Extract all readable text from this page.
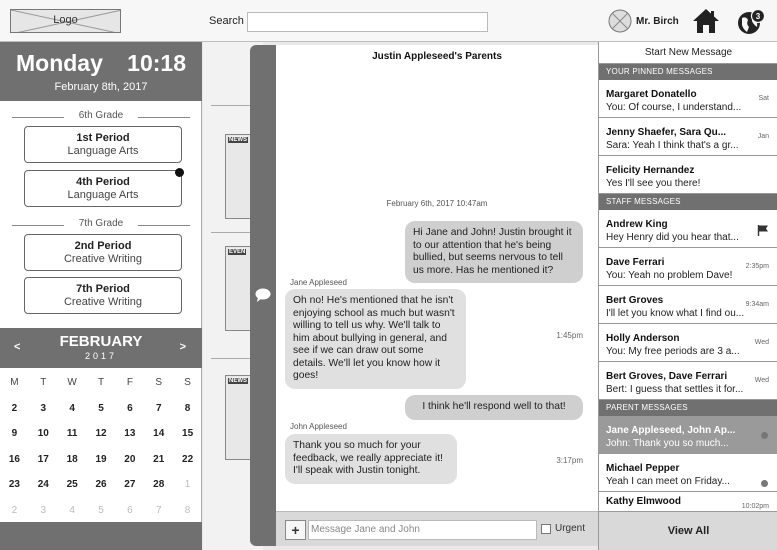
Logo	Search	Mr. Birch	3
Monday 10:18
February 8th, 2017
6th Grade
1st Period
Language Arts
4th Period
Language Arts
7th Grade
2nd Period
Creative Writing
7th Period
Creative Writing
<	FEBRUARY
2017
>
M	T	W	T	F	S	S
2	3	4	5	6	7	8
9	10	11	12	13	14	15
16	17	18	19	20	21	22
23	24	25	26	27	28	1
2	3	4	5	6	7	8
NEWS
EVEN
NEWS
Justin Appleseed's Parents
February 6th, 2017 10:47am
Hi Jane and John! Justin brought it to our attention that he's being bullied, but seems nervous to tell us more. Has he mentioned it?
Jane Appleseed
Oh no! He's mentioned that he isn't enjoying school as much but wasn't willing to tell us why. We'll talk to him about bullying in general, and see if we can draw out some details. We'll let you know how it goes!
1:45pm
I think he'll respond well to that!
John Appleseed
Thank you so much for your feedback, we really appreciate it! I'll speak with Justin tonight.
3:17pm
+	Message Jane and John	Urgent
Start New Message
YOUR PINNED MESSAGES
Margaret Donatello
You: Of course, I understand...
Sat
Jenny Shaefer, Sara Qu...
Sara: Yeah I think that's a gr...
Jan
Felicity Hernandez
Yes I'll see you there!
STAFF MESSAGES
Andrew King
Hey Henry did you hear that...
Dave Ferrari
You: Yeah no problem Dave!
2:35pm
Bert Groves
I'll let you know what I find ou...
9:34am
Holly Anderson
You: My free periods are 3 a...
Wed
Bert Groves, Dave Ferrari
Bert: I guess that settles it for...
Wed
PARENT MESSAGES
Jane Appleseed, John Ap...
John: Thank you so much...
Michael Pepper
Yeah I can meet on Friday...
Kathy Elmwood	10:02pm
View All
